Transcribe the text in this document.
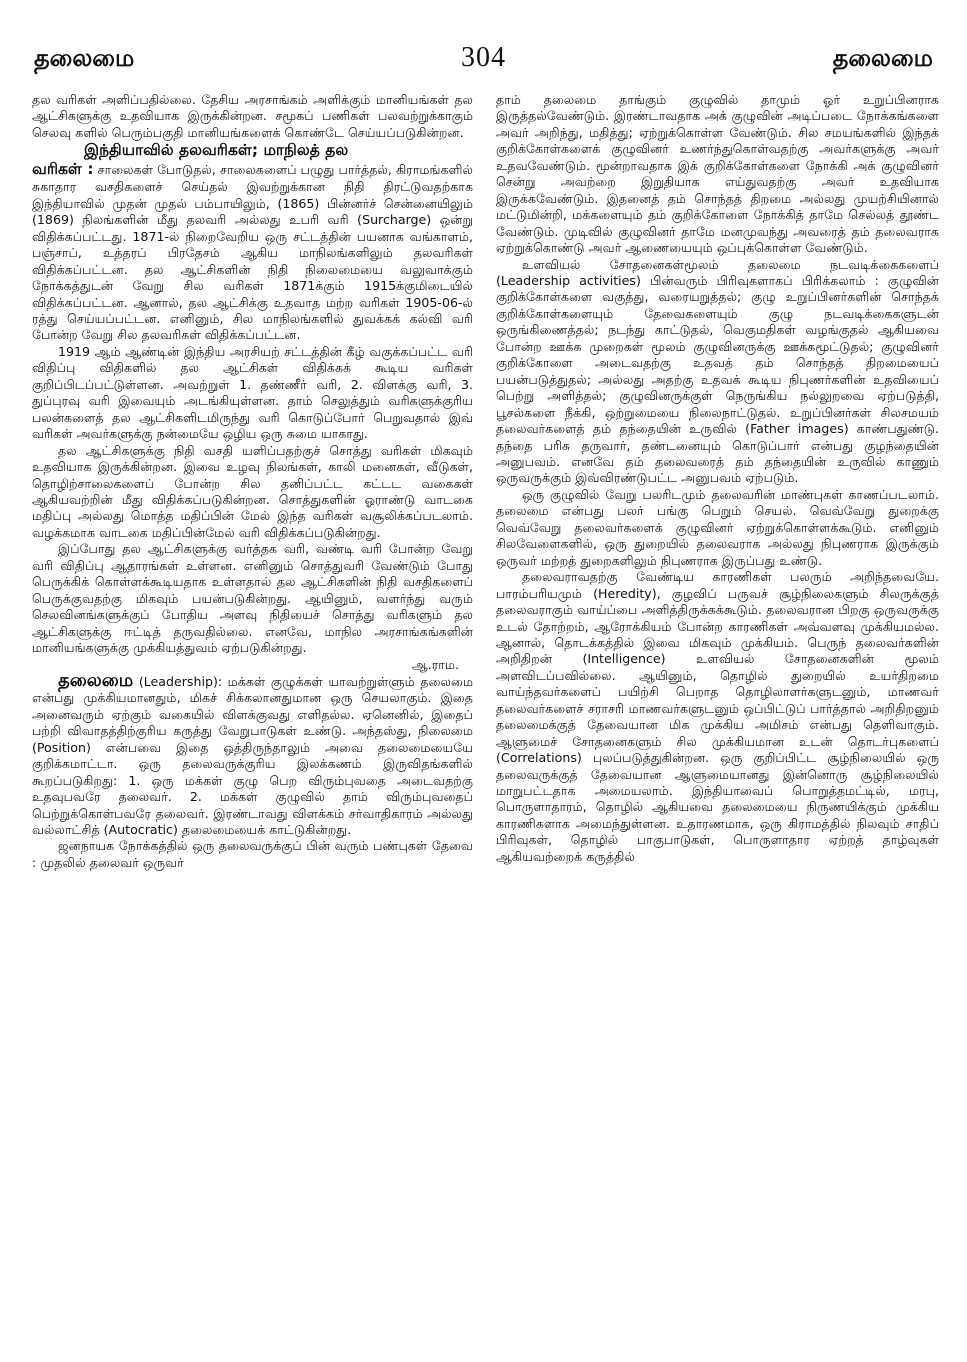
தலைமை	304	தலைமை

தல வரிகள் அளிப்பதில்லை. தேசிய அரசாங்கம் அளிக்கும் மானியங்கள் தல ஆட்சிகளுக்கு உதவியாக இருக்கின்றன. சமூகப் பணிகள் பலவற்றுக்காகும் செலவு களில் பெரும்பகுதி மானியங்களைக் கொண்டே செய்யப்படுகின்றன.

இந்தியாவில் தலவரிகள்; மாநிலத் தல

வரிகள் : சாலைகள் போடுதல், சாலைகளைப் பழுது பார்த்தல், கிராமங்களில் சுகாதார வசதிகளைச் செய்தல் இவற்றுக்கான நிதி திரட்டுவதற்காக இந்தியாவில் முதன் முதல் பம்பாயிலும், (1865) பின்னர்ச் சென்னையிலும் (1869) நிலங்களின் மீது தலவரி அல்லது உபரி வரி (Surcharge) ஒன்று விதிக்கப்பட்டது. 1871-ல் நிறைவேறிய ஒரு சட்டத்தின் பயனாக வங்காளம், பஞ்சாப், உத்தரப் பிரதேசம் ஆகிய மாநிலங்களிலும் தலவரிகள் விதிக்கப்பட்டன. தல ஆட்சிகளின் நிதி நிலைமையை வலுவாக்கும் நோக்கத்துடன் வேறு சில வரிகள் 1871க்கும் 1915க்குமிடையில் விதிக்கப்பட்டன. ஆனால், தல ஆட்சிக்கு உதவாத மற்ற வரிகள் 1905-06-ல் ரத்து செய்யப்பட்டன. எனினும், சில மாநிலங்களில் துவக்கக் கல்வி வரி போன்ற வேறு சில தலவரிகள் விதிக்கப்பட்டன.

1919 ஆம் ஆண்டின் இந்திய அரசியற் சட்டத்தின் கீழ் வகுக்கப்பட்ட வரி விதிப்பு விதிகளில் தல ஆட்சிகள் விதிக்கக் கூடிய வரிகள் குறிப்பிடப்பட்டுள்ளன. அவற்றுள் 1. தண்ணீர் வரி, 2. விளக்கு வரி, 3. துப்புரவு வரி இவையும் அடங்கியுள்ளன. தாம் செலுத்தும் வரிகளுக்குரிய பலன்களைத் தல ஆட்சிகளிடமிருந்து வரி கொடுப்போர் பெறுவதால் இவ் வரிகள் அவர்களுக்கு நன்மையே ஒழிய ஒரு சுமை யாகாது.

தல ஆட்சிகளுக்கு நிதி வசதி யளிப்பதற்குச் சொத்து வரிகள் மிகவும் உதவியாக இருக்கின்றன. இவை உழவு நிலங்கள், காலி மனைகள், வீடுகள், தொழிற்சாலைகளைப் போன்ற சில தனிப்பட்ட கட்டட வகைகள் ஆகியவற்றின் மீது விதிக்கப்படுகின்றன. சொத்துகளின் ஓராண்டு வாடகை மதிப்பு அல்லது மொத்த மதிப்பின் மேல் இந்த வரிகள் வசூலிக்கப்படலாம். வழக்கமாக வாடகை மதிப்பின்மேல் வரி விதிக்கப்படுகின்றது.

இப்போது தல ஆட்சிகளுக்கு வர்த்தக வரி, வண்டி வரி போன்ற வேறு வரி விதிப்பு ஆதாரங்கள் உள்ளன. எனினும் சொத்துவரி வேண்டும் போது பெருக்கிக் கொள்ளக்கூடியதாக உள்ளதால் தல ஆட்சிகளின் நிதி வசதிகளைப் பெருக்குவதற்கு மிகவும் பயன்படுகின்றது. ஆயினும், வளர்ந்து வரும் செலவினங்களுக்குப் போதிய அளவு நிதியைச் சொத்து வரிகளும் தல ஆட்சிகளுக்கு ஈட்டித் தருவதில்லை. எனவே, மாநில அரசாங்கங்களின் மானியங்களுக்கு முக்கியத்துவம் ஏற்படுகின்றது.

ஆ.ராம.

தலைமை (Leadership): மக்கள் குழுக்கள் யாவற்றுள்ளும் தலைமை என்பது முக்கியமானதும், மிகச் சிக்கலானதுமான ஒரு செயலாகும். இதை அனைவரும் ஏற்கும் வகையில் விளக்குவது எளிதல்ல. ஏனெனில், இதைப் பற்றி விவாதத்திற்குரிய கருத்து வேறுபாடுகள் உண்டு. அந்தஸ்து, நிலைமை (Position) என்பவை இதை ஒத்திருந்தாலும் அவை தலைமையையே குறிக்கமாட்டா. ஒரு தலைவருக்குரிய இலக்கணம் இருவிதங்களில் கூறப்படுகிறது: 1. ஒரு மக்கள் குழு பெற விரும்புவதை அடைவதற்கு உதவுபவரே தலைவர். 2. மக்கள் குழுவில் தாம் விரும்புவதைப் பெற்றுக்கொள்பவரே தலைவர். இரண்டாவது விளக்கம் சர்வாதிகாரம் அல்லது வல்லாட்சித் (Autocratic) தலைமையைக் காட்டுகின்றது.

ஜனநாயக நோக்கத்தில் ஒரு தலைவருக்குப் பின் வரும் பண்புகள் தேவை : முதலில் தலைவர் ஒருவர்

தாம் தலைமை தாங்கும் குழுவில் தாமும் ஓர் உறுப்பினராக இருத்தல்வேண்டும். இரண்டாவதாக அக் குழுவின் அடிப்படை நோக்கங்களை அவர் அறிந்து, மதித்து; ஏற்றுக்கொள்ள வேண்டும். சில சமயங்களில் இந்தக் குறிக்கோள்களைக் குழுவினர் உணர்ந்துகொள்வதற்கு அவர்களுக்கு அவர் உதவவேண்டும். மூன்றாவதாக இக் குறிக்கோள்களை நோக்கி அக் குழுவினர் சென்று அவற்றை இறுதியாக எய்துவதற்கு அவர் உதவியாக இருக்கவேண்டும். இதனைத் தம் சொந்தத் திறமை அல்லது முயற்சியினால் மட்டுமின்றி, மக்களையும் தம் குறிக்கோளை நோக்கித் தாமே செல்லத் தூண்ட வேண்டும். முடிவில் குழுவினர் தாமே மனமுவந்து அவரைத் தம் தலைவராக ஏற்றுக்கொண்டு அவர் ஆணையையும் ஒப்புக்கொள்ள வேண்டும்.

உளவியல் சோதனைகள்மூலம் தலைமை நடவடிக்கைகளைப் (Leadership activities) பின்வரும் பிரிவுகளாகப் பிரிக்கலாம் : குழுவின் குறிக்கோள்களை வகுத்து, வரையறுத்தல்; குழு உறுப்பினர்களின் சொந்தக் குறிக்கோள்களையும் தேவைகளையும் குழு நடவடிக்கைகளுடன் ஒருங்கிணைத்தல்; நடந்து காட்டுதல், வெகுமதிகள் வழங்குதல் ஆகியவை போன்ற ஊக்க முறைகள் மூலம் குழுவினருக்கு ஊக்கமூட்டுதல்; குழுவினர் குறிக்கோளை அடைவதற்கு உதவத் தம் சொந்தத் திறமையைப் பயன்படுத்துதல்; அல்லது அதற்கு உதவக் கூடிய நிபுணர்களின் உதவியைப் பெற்று அளித்தல்; குழுவினருக்குள் நெருங்கிய நல்லுறவை ஏற்படுத்தி, பூசல்களை நீக்கி, ஒற்றுமையை நிலைநாட்டுதல். உறுப்பினர்கள் சிலசமயம் தலைவர்களைத் தம் தந்தையின் உருவில் (Father images) காண்பதுண்டு. தந்தை பரிசு தருவார், தண்டனையும் கொடுப்பார் என்பது குழந்தையின் அனுபவம். எனவே தம் தலைவரைத் தம் தந்தையின் உருவில் காணும் ஒருவருக்கும் இவ்விரண்டுபட்ட அனுபவம் ஏற்படும்.

ஒரு குழுவில் வேறு பலரிடமும் தலைவரின் மாண்புகள் காணப்படலாம். தலைமை என்பது பலர் பங்கு பெறும் செயல். வெவ்வேறு துறைக்கு வெவ்வேறு தலைவர்களைக் குழுவினர் ஏற்றுக்கொள்ளக்கூடும். எனினும் சிலவேளைகளில், ஒரு துறையில் தலைவராக அல்லது நிபுணராக இருக்கும் ஒருவர் மற்றத் துறைகளிலும் நிபுணராக இருப்பது உண்டு.

தலைவராவதற்கு வேண்டிய காரணிகள் பலரும் அறிந்தவையே. பாரம்பரியமும் (Heredity), குழவிப் பருவச் சூழ்நிலைகளும் சிலருக்குத் தலைவராகும் வாய்ப்பை அளித்திருக்கக்கூடும். தலைவரான பிறகு ஒருவருக்கு உடல் தோற்றம், ஆரோக்கியம் போன்ற காரணிகள் அவ்வளவு முக்கியமல்ல. ஆனால், தொடக்கத்தில் இவை மிகவும் முக்கியம். பெருந் தலைவர்களின் அறிதிறன் (Intelligence) உளவியல் சோதனைகளின் மூலம் அளவிடப்பவில்லை. ஆயினும், தொழில் துறையில் உயர்திறமை வாய்ந்தவர்களைப் பயிற்சி பெறாத தொழிலாளர்களுடனும், மாணவர் தலைவர்களைச் சராசரி மாணவர்களுடனும் ஒப்பிட்டுப் பார்த்தால் அறிதிறனும் தலைமைக்குத் தேவையான மிக முக்கிய அமிசம் என்பது தெளிவாகும். ஆளுமைச் சோதனைகளும் சில முக்கியமான உடன் தொடர்புகளைப் (Correlations) புலப்படுத்துகின்றன. ஒரு குறிப்பிட்ட சூழ்நிலையில் ஒரு தலைவருக்குத் தேவையான ஆளுமையானது இன்னொரு சூழ்நிலையில் மாறுபட்டதாக அமையலாம். இந்தியாவைப் பொறுத்தமட்டில், மரபு, பொருளாதாரம், தொழில் ஆகியவை தலைமையை நிருணயிக்கும் முக்கிய காரணிகளாக அமைந்துள்ளன. உதாரணமாக, ஒரு கிராமத்தில் நிலவும் சாதிப் பிரிவுகள், தொழில் பாகுபாடுகள், பொருளாதார ஏற்றத் தாழ்வுகள் ஆகியவற்றைக் கருத்தில்
